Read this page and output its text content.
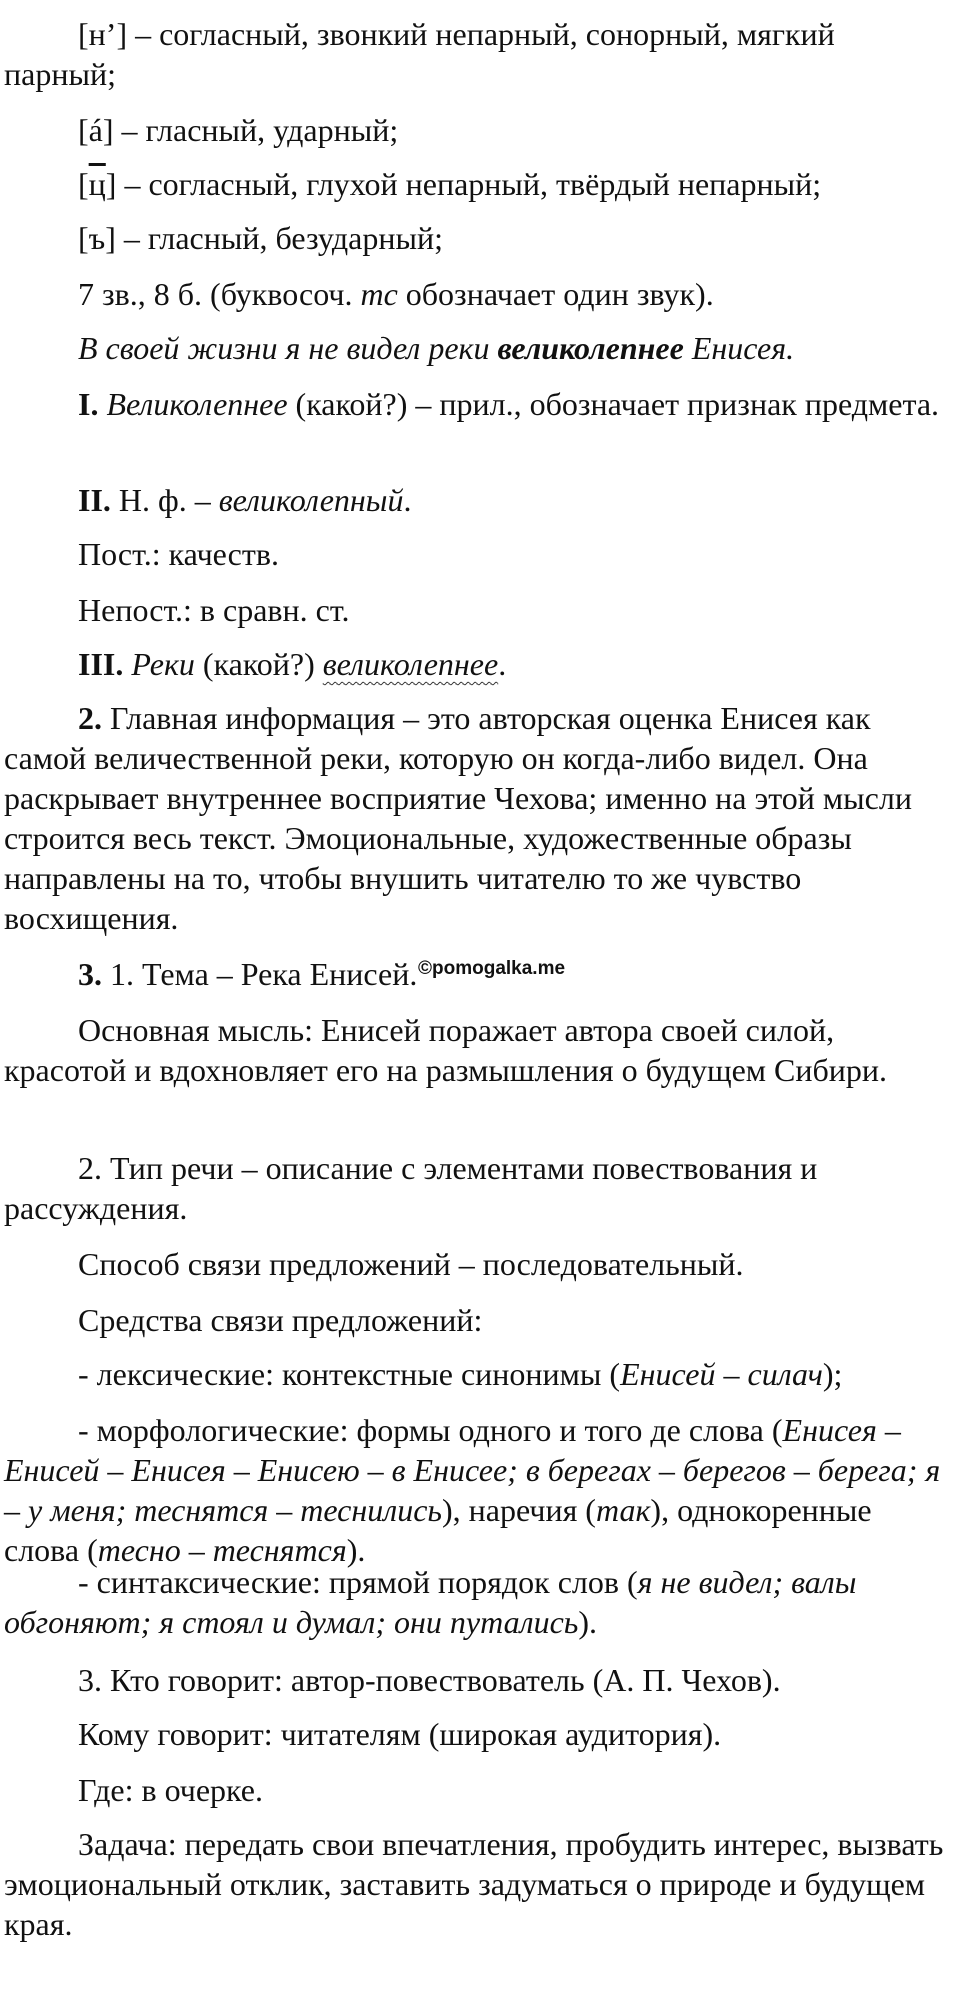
[н’] – согласный, звонкий непарный, сонорный, мягкий парный;

[á] – гласный, ударный;

[ц] – согласный, глухой непарный, твёрдый непарный;

[ъ] – гласный, безударный;

7 зв., 8 б. (буквосоч. тс обозначает один звук).

В своей жизни я не видел реки великолепнее Енисея.

I. Великолепнее (какой?) – прил., обозначает признак предмета.

II. Н. ф. – великолепный.

Пост.: качеств.

Непост.: в сравн. ст.

III. Реки (какой?) великолепнее.

2. Главная информация – это авторская оценка Енисея как самой величественной реки, которую он когда-либо видел. Она раскрывает внутреннее восприятие Чехова; именно на этой мысли строится весь текст. Эмоциональные, художественные образы направлены на то, чтобы внушить читателю то же чувство восхищения.

3. 1. Тема – Река Енисей. ©pomogalka.me

Основная мысль: Енисей поражает автора своей силой, красотой и вдохновляет его на размышления о будущем Сибири.

2. Тип речи – описание с элементами повествования и рассуждения.

Способ связи предложений – последовательный.

Средства связи предложений:

- лексические: контекстные синонимы (Енисей – силач);

- морфологические: формы одного и того де слова (Енисея – Енисей – Енисея – Енисею – в Енисее; в берегах – берегов – берега; я – у меня; теснятся – теснились), наречия (так), однокоренные слова (тесно – теснятся).

- синтаксические: прямой порядок слов (я не видел; валы обгоняют; я стоял и думал; они путались).

3. Кто говорит: автор-повествователь (А. П. Чехов).

Кому говорит: читателям (широкая аудитория).

Где: в очерке.

Задача: передать свои впечатления, пробудить интерес, вызвать эмоциональный отклик, заставить задуматься о природе и будущем края.
